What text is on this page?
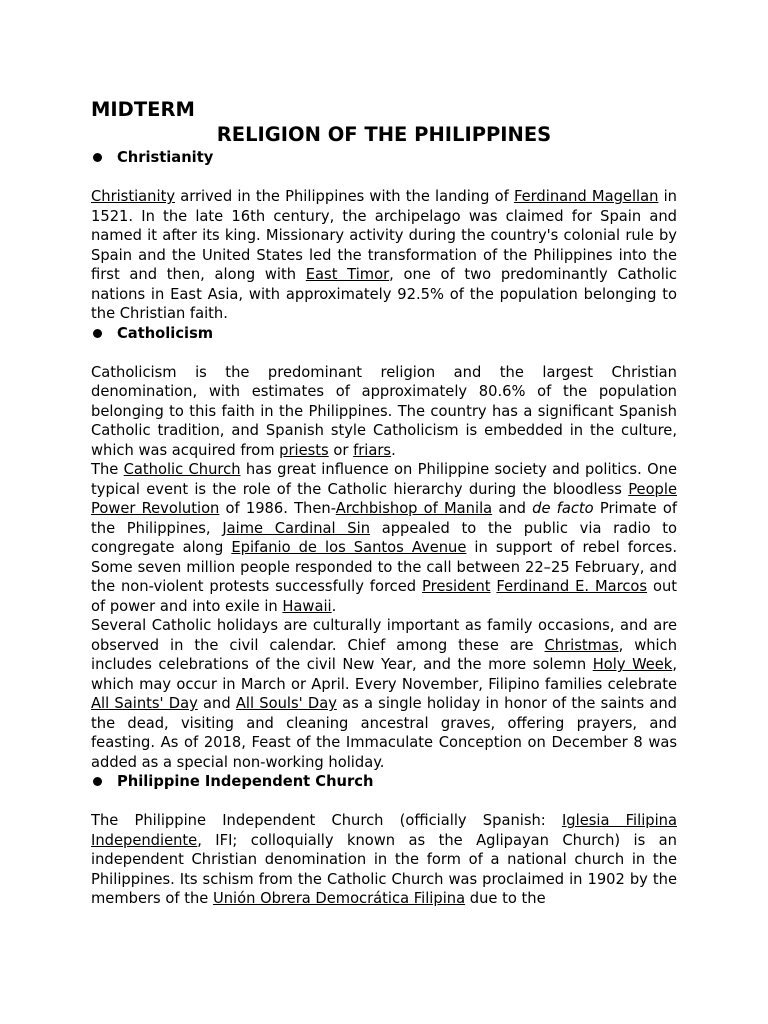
MIDTERM

RELIGION OF THE PHILIPPINES

Christianity

Christianity arrived in the Philippines with the landing of Ferdinand Magellan in 1521. In the late 16th century, the archipelago was claimed for Spain and named it after its king. Missionary activity during the country's colonial rule by Spain and the United States led the transformation of the Philippines into the first and then, along with East Timor, one of two predominantly Catholic nations in East Asia, with approximately 92.5% of the population belonging to the Christian faith.

Catholicism

Catholicism is the predominant religion and the largest Christian denomination, with estimates of approximately 80.6% of the population belonging to this faith in the Philippines. The country has a significant Spanish Catholic tradition, and Spanish style Catholicism is embedded in the culture, which was acquired from priests or friars.

The Catholic Church has great influence on Philippine society and politics. One typical event is the role of the Catholic hierarchy during the bloodless People Power Revolution of 1986. Then-Archbishop of Manila and de facto Primate of the Philippines, Jaime Cardinal Sin appealed to the public via radio to congregate along Epifanio de los Santos Avenue in support of rebel forces. Some seven million people responded to the call between 22–25 February, and the non-violent protests successfully forced President Ferdinand E. Marcos out of power and into exile in Hawaii.

Several Catholic holidays are culturally important as family occasions, and are observed in the civil calendar. Chief among these are Christmas, which includes celebrations of the civil New Year, and the more solemn Holy Week, which may occur in March or April. Every November, Filipino families celebrate All Saints' Day and All Souls' Day as a single holiday in honor of the saints and the dead, visiting and cleaning ancestral graves, offering prayers, and feasting. As of 2018, Feast of the Immaculate Conception on December 8 was added as a special non-working holiday.

Philippine Independent Church

The Philippine Independent Church (officially Spanish: Iglesia Filipina Independiente, IFI; colloquially known as the Aglipayan Church) is an independent Christian denomination in the form of a national church in the Philippines. Its schism from the Catholic Church was proclaimed in 1902 by the members of the Unión Obrera Democrática Filipina due to the
